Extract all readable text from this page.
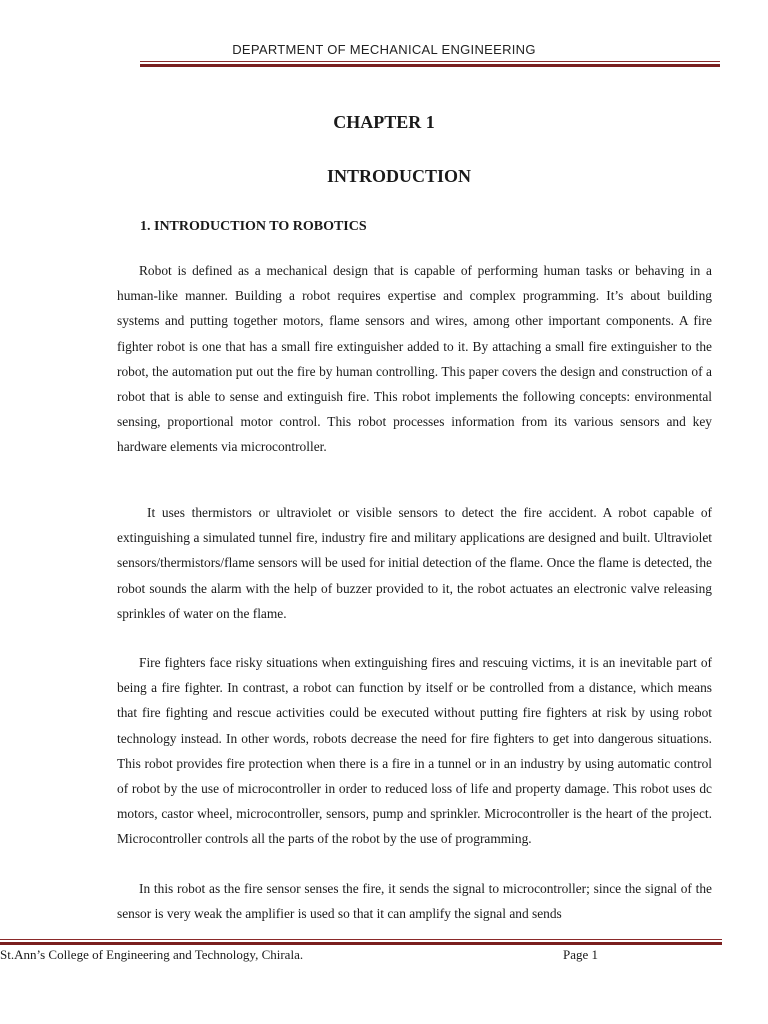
DEPARTMENT OF MECHANICAL ENGINEERING
CHAPTER 1
INTRODUCTION
1. INTRODUCTION TO ROBOTICS

Robot is defined as a mechanical design that is capable of performing human tasks or behaving in a human-like manner. Building a robot requires expertise and complex programming. It’s about building systems and putting together motors, flame sensors and wires, among other important components. A fire fighter robot is one that has a small fire extinguisher added to it. By attaching a small fire extinguisher to the robot, the automation put out the fire by human controlling. This paper covers the design and construction of a robot that is able to sense and extinguish fire. This robot implements the following concepts: environmental sensing, proportional motor control. This robot processes information from its various sensors and key hardware elements via microcontroller.

It uses thermistors or ultraviolet or visible sensors to detect the fire accident. A robot capable of extinguishing a simulated tunnel fire, industry fire and military applications are designed and built. Ultraviolet sensors/thermistors/flame sensors will be used for initial detection of the flame. Once the flame is detected, the robot sounds the alarm with the help of buzzer provided to it, the robot actuates an electronic valve releasing sprinkles of water on the flame.

Fire fighters face risky situations when extinguishing fires and rescuing victims, it is an inevitable part of being a fire fighter. In contrast, a robot can function by itself or be controlled from a distance, which means that fire fighting and rescue activities could be executed without putting fire fighters at risk by using robot technology instead. In other words, robots decrease the need for fire fighters to get into dangerous situations. This robot provides fire protection when there is a fire in a tunnel or in an industry by using automatic control of robot by the use of microcontroller in order to reduced loss of life and property damage. This robot uses dc motors, castor wheel, microcontroller, sensors, pump and sprinkler. Microcontroller is the heart of the project. Microcontroller controls all the parts of the robot by the use of programming.

In this robot as the fire sensor senses the fire, it sends the signal to microcontroller; since the signal of the sensor is very weak the amplifier is used so that it can amplify the signal and sends

St.Ann’s College of Engineering and Technology, Chirala.	Page 1
